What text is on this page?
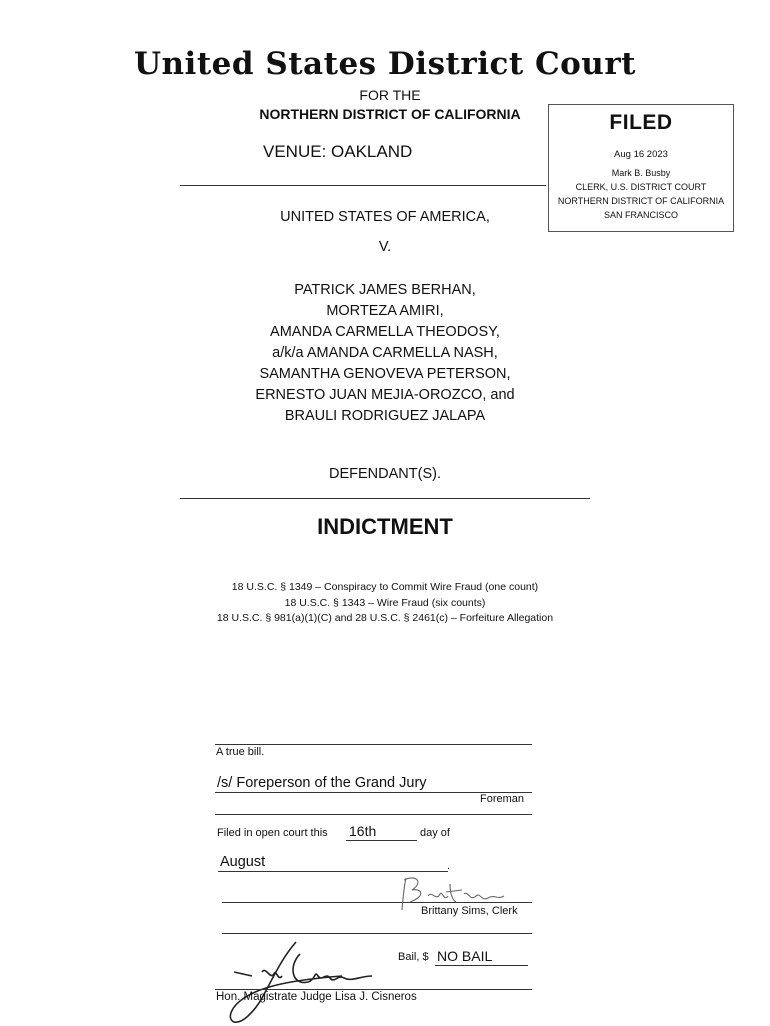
United States District Court
FOR THE
NORTHERN DISTRICT OF CALIFORNIA
VENUE: OAKLAND
FILED
Aug 16 2023
Mark B. Busby
CLERK, U.S. DISTRICT COURT
NORTHERN DISTRICT OF CALIFORNIA
SAN FRANCISCO
UNITED STATES OF AMERICA,
V.
PATRICK JAMES BERHAN,
MORTEZA AMIRI,
AMANDA CARMELLA THEODOSY,
a/k/a AMANDA CARMELLA NASH,
SAMANTHA GENOVEVA PETERSON,
ERNESTO JUAN MEJIA-OROZCO, and
BRAULI RODRIGUEZ JALAPA
DEFENDANT(S).
INDICTMENT
18 U.S.C. § 1349 – Conspiracy to Commit Wire Fraud (one count)
18 U.S.C. § 1343 – Wire Fraud (six counts)
18 U.S.C. § 981(a)(1)(C) and 28 U.S.C. § 2461(c) – Forfeiture Allegation
A true bill.
/s/ Foreperson of the Grand Jury
Foreman
Filed in open court this 16th	day of
August	.
Brittany Sims, Clerk
Bail, $ NO BAIL
Hon. Magistrate Judge Lisa J. Cisneros
